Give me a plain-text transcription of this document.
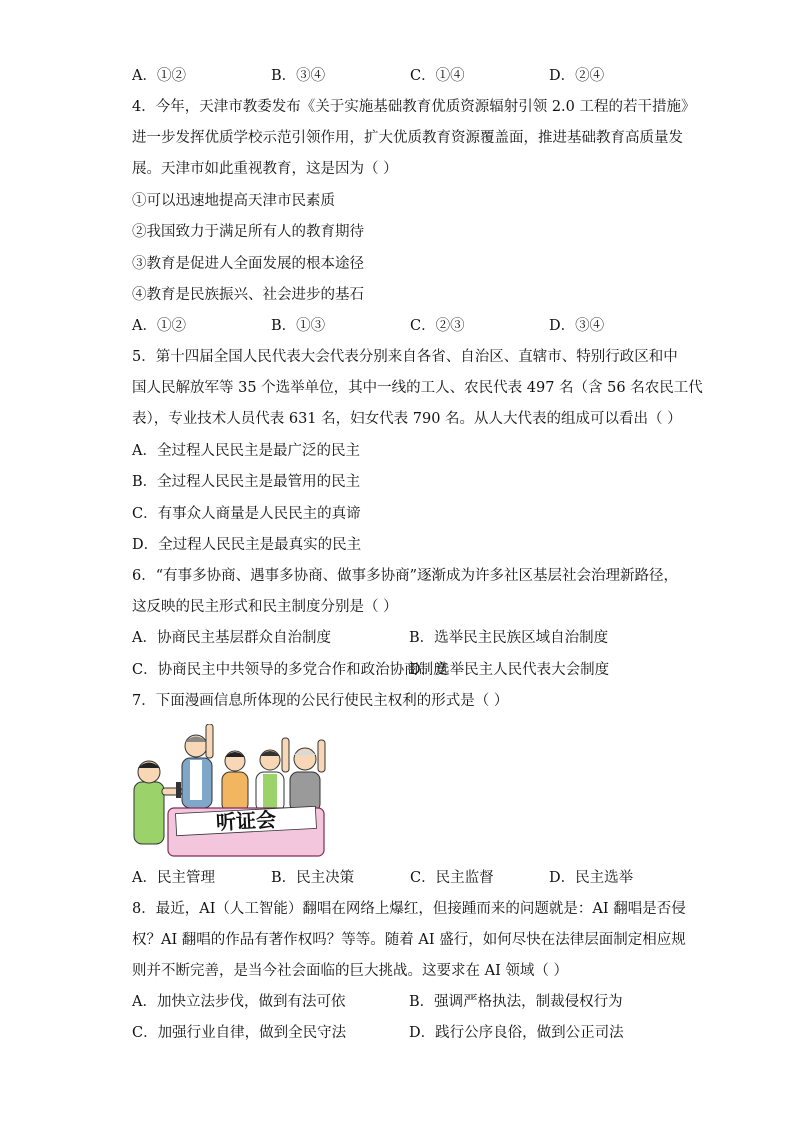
A．①②	B．③④	C．①④	D．②④
4．今年，天津市教委发布《关于实施基础教育优质资源辐射引领 2.0 工程的若干措施》
进一步发挥优质学校示范引领作用，扩大优质教育资源覆盖面，推进基础教育高质量发
展。天津市如此重视教育，这是因为（ ）
①可以迅速地提高天津市民素质
②我国致力于满足所有人的教育期待
③教育是促进人全面发展的根本途径
④教育是民族振兴、社会进步的基石
A．①②	B．①③	C．②③	D．③④
5．第十四届全国人民代表大会代表分别来自各省、自治区、直辖市、特别行政区和中
国人民解放军等 35 个选举单位，其中一线的工人、农民代表 497 名（含 56 名农民工代
表），专业技术人员代表 631 名，妇女代表 790 名。从人大代表的组成可以看出（ ）
A．全过程人民民主是最广泛的民主
B．全过程人民民主是最管用的民主
C．有事众人商量是人民民主的真谛
D．全过程人民民主是最真实的民主
6．“有事多协商、遇事多协商、做事多协商”逐渐成为许多社区基层社会治理新路径，
这反映的民主形式和民主制度分别是（ ）
A．协商民主基层群众自治制度	B．选举民主民族区域自治制度
C．协商民主中共领导的多党合作和政治协商制度
D．选举民主人民代表大会制度
7．下面漫画信息所体现的公民行使民主权利的形式是（ ）
听证会
A．民主管理	B．民主决策	C．民主监督	D．民主选举
8．最近，AI（人工智能）翻唱在网络上爆红，但接踵而来的问题就是：AI 翻唱是否侵
权？AI 翻唱的作品有著作权吗？等等。随着 AI 盛行，如何尽快在法律层面制定相应规
则并不断完善，是当今社会面临的巨大挑战。这要求在 AI 领域（ ）
A．加快立法步伐，做到有法可依	B．强调严格执法，制裁侵权行为
C．加强行业自律，做到全民守法	D．践行公序良俗，做到公正司法
